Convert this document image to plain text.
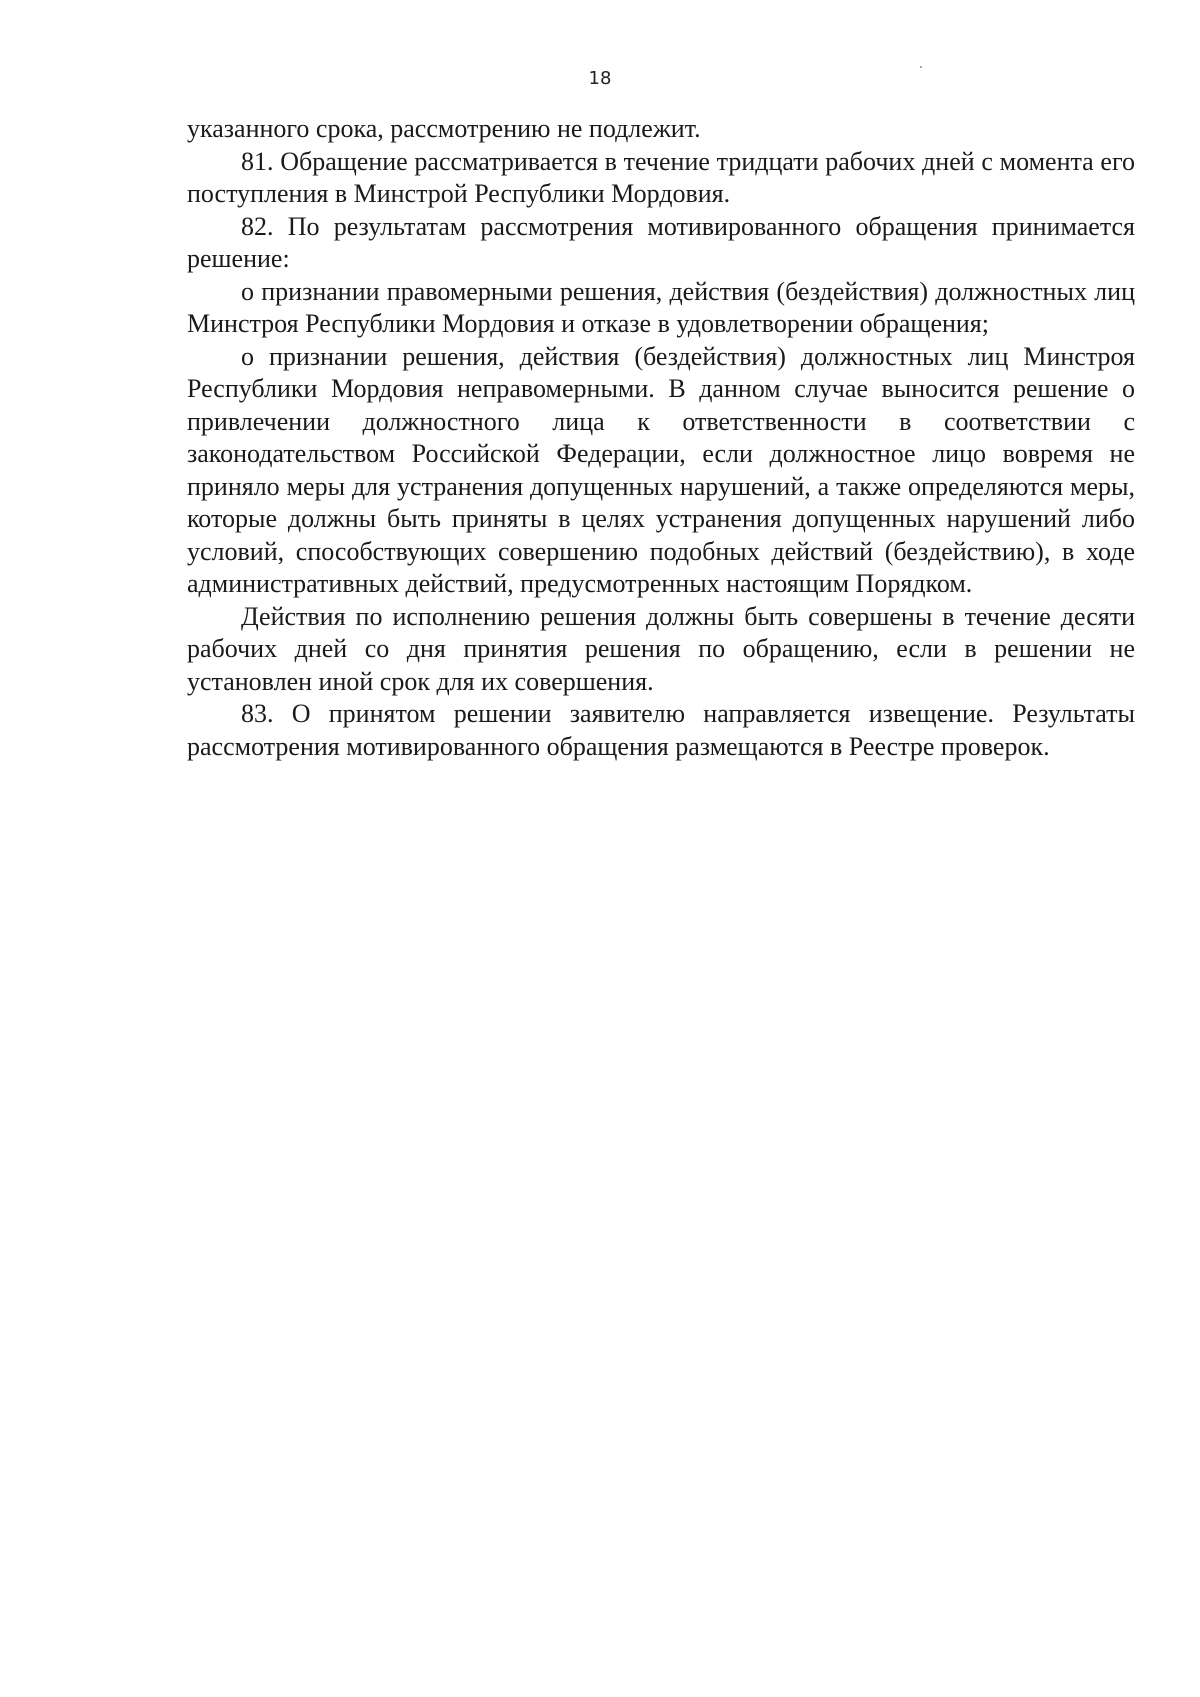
18

указанного срока, рассмотрению не подлежит.

81. Обращение рассматривается в течение тридцати рабочих дней с момента его поступления в Минстрой Республики Мордовия.

82. По результатам рассмотрения мотивированного обращения принимается решение:

о признании правомерными решения, действия (бездействия) должностных лиц Минстроя Республики Мордовия и отказе в удовлетворении обращения;

о признании решения, действия (бездействия) должностных лиц Минстроя Республики Мордовия неправомерными. В данном случае выносится решение о привлечении должностного лица к ответственности в соответствии с законодательством Российской Федерации, если должностное лицо вовремя не приняло меры для устранения допущенных нарушений, а также определяются меры, которые должны быть приняты в целях устранения допущенных нарушений либо условий, способствующих совершению подобных действий (бездействию), в ходе административных действий, предусмотренных настоящим Порядком.

Действия по исполнению решения должны быть совершены в течение десяти рабочих дней со дня принятия решения по обращению, если в решении не установлен иной срок для их совершения.

83. О принятом решении заявителю направляется извещение. Результаты рассмотрения мотивированного обращения размещаются в Реестре проверок.
